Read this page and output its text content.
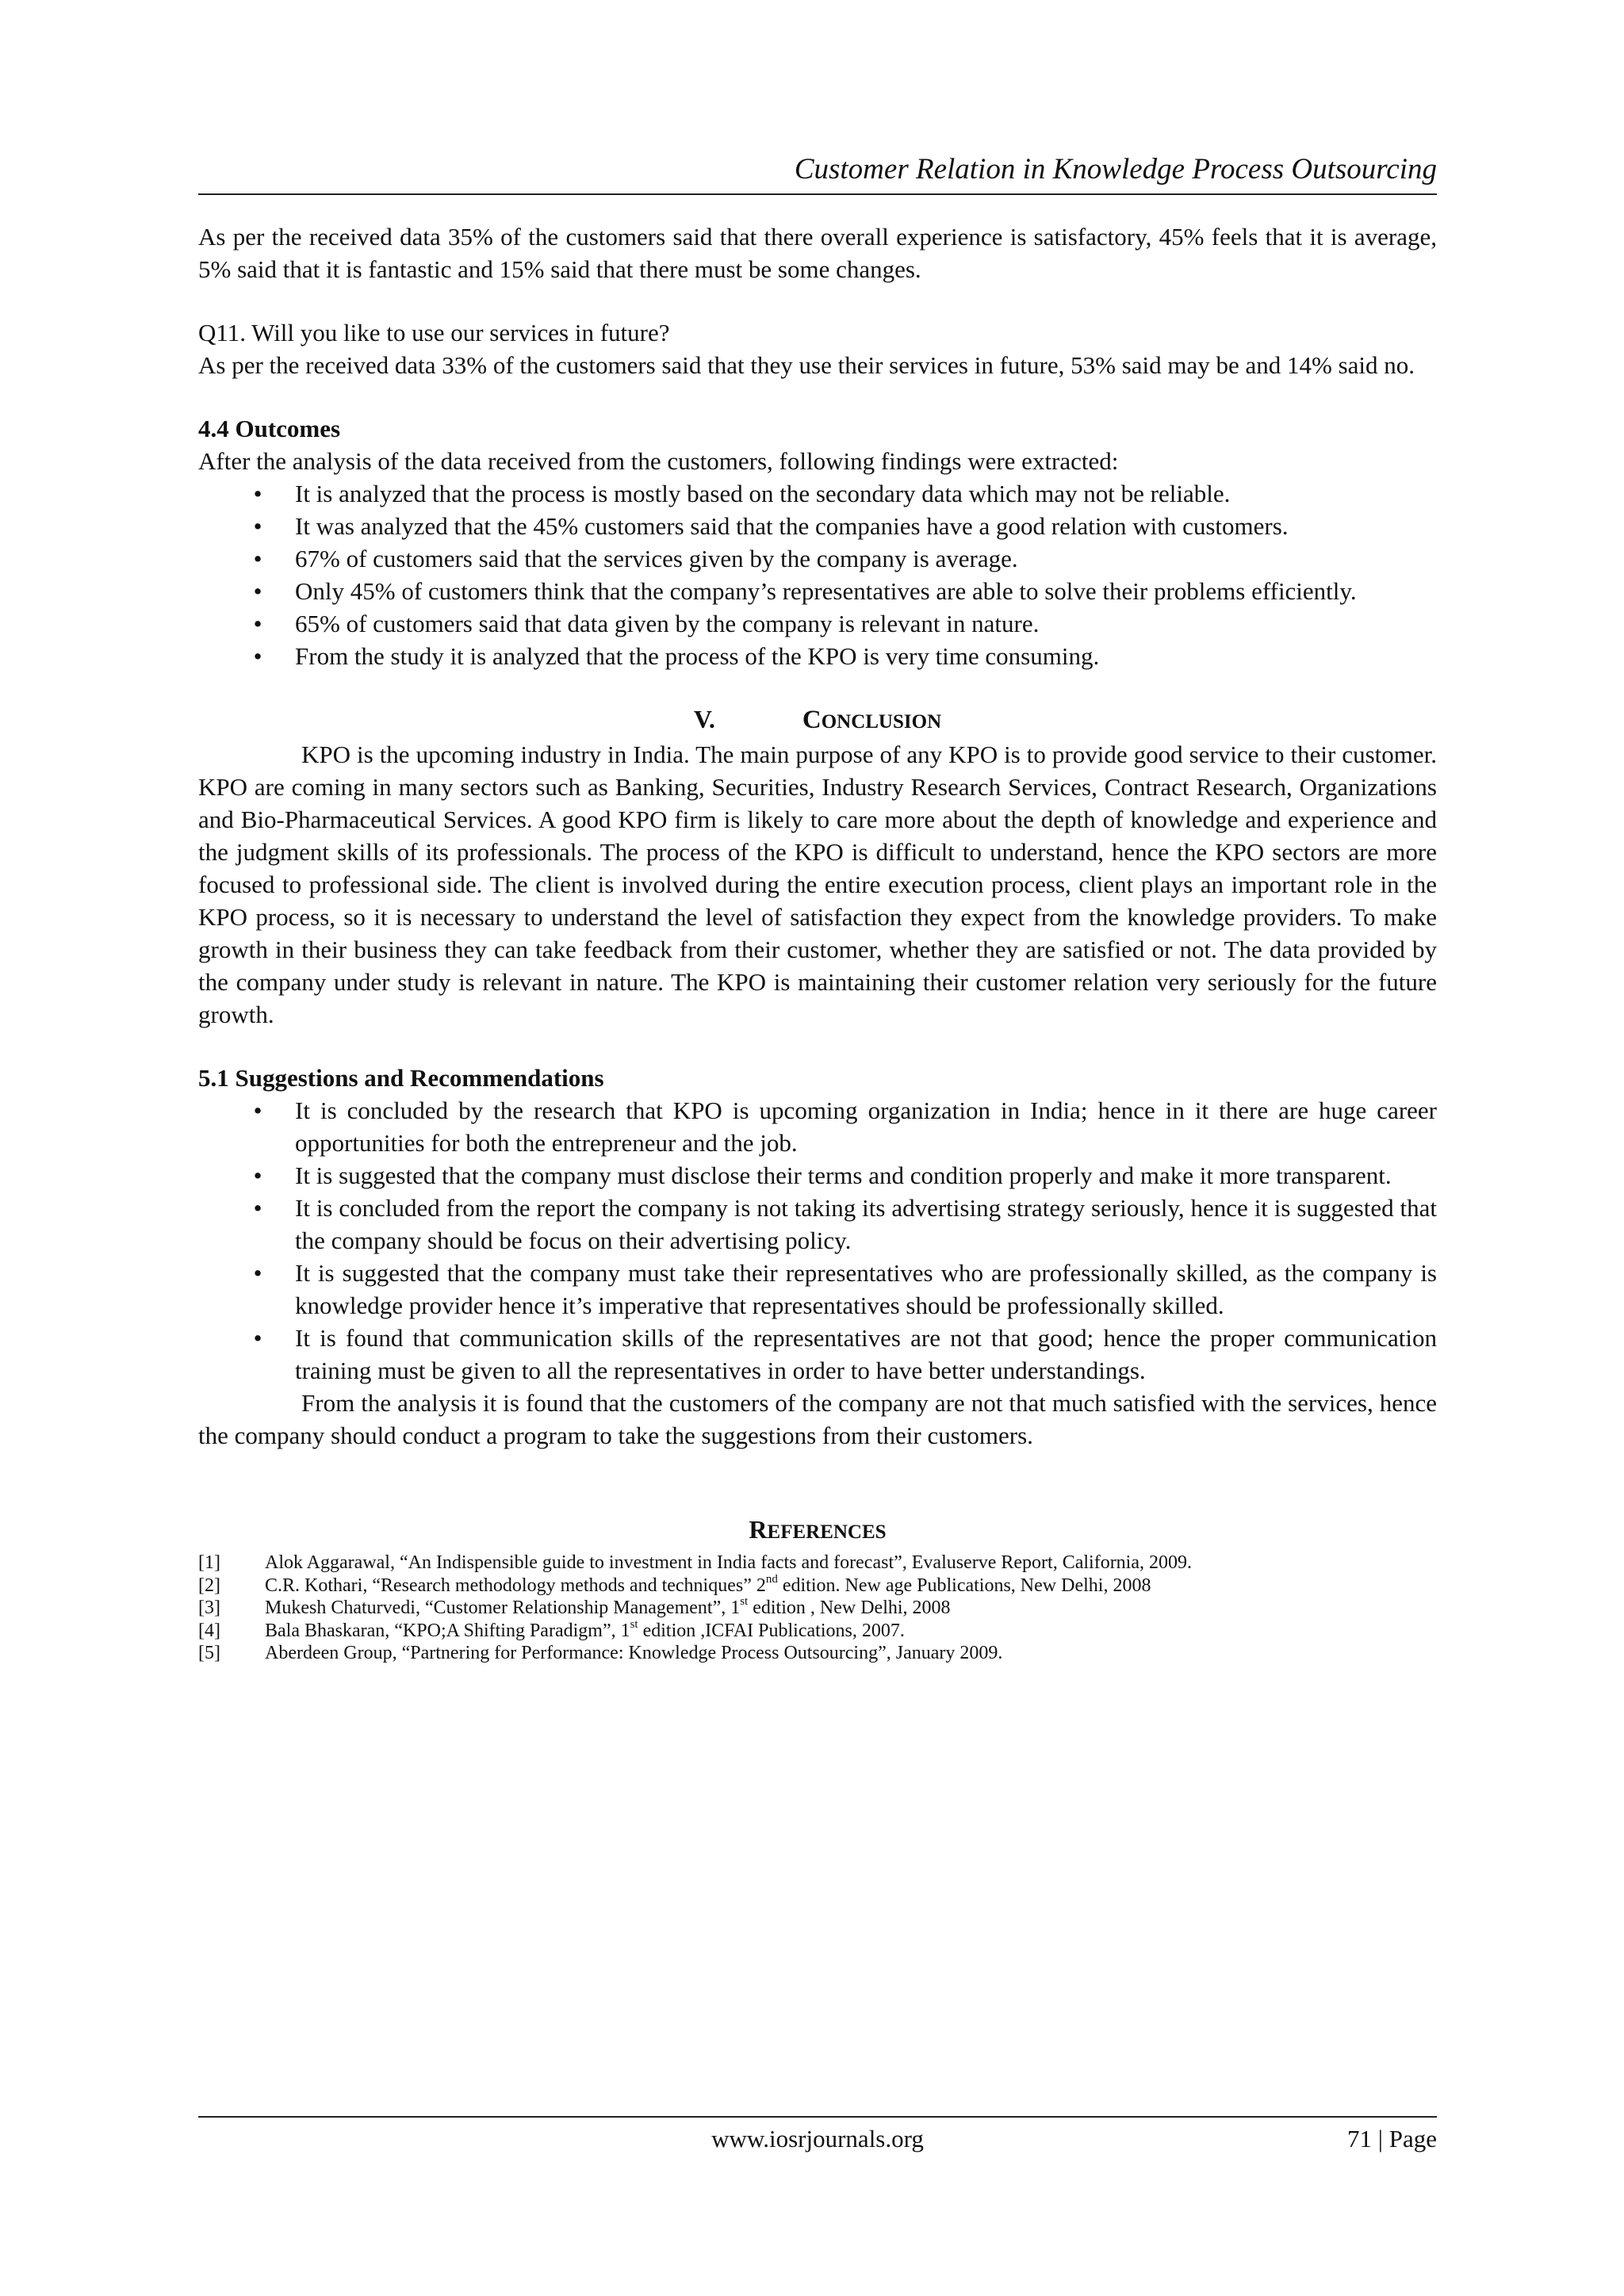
Customer Relation in Knowledge Process Outsourcing

As per the received data 35% of the customers said that there overall experience is satisfactory, 45% feels that it is average, 5% said that it is fantastic and 15% said that there must be some changes.

Q11. Will you like to use our services in future?

As per the received data 33% of the customers said that they use their services in future, 53% said may be and 14% said no.

4.4 Outcomes

After the analysis of the data received from the customers, following findings were extracted:

• It is analyzed that the process is mostly based on the secondary data which may not be reliable.
• It was analyzed that the 45% customers said that the companies have a good relation with customers.
• 67% of customers said that the services given by the company is average.
• Only 45% of customers think that the company’s representatives are able to solve their problems efficiently.
• 65% of customers said that data given by the company is relevant in nature.
• From the study it is analyzed that the process of the KPO is very time consuming.

V.	CONCLUSION

KPO is the upcoming industry in India. The main purpose of any KPO is to provide good service to their customer. KPO are coming in many sectors such as Banking, Securities, Industry Research Services, Contract Research, Organizations and Bio-Pharmaceutical Services. A good KPO firm is likely to care more about the depth of knowledge and experience and the judgment skills of its professionals. The process of the KPO is difficult to understand, hence the KPO sectors are more focused to professional side. The client is involved during the entire execution process, client plays an important role in the KPO process, so it is necessary to understand the level of satisfaction they expect from the knowledge providers. To make growth in their business they can take feedback from their customer, whether they are satisfied or not. The data provided by the company under study is relevant in nature. The KPO is maintaining their customer relation very seriously for the future growth.

5.1 Suggestions and Recommendations

• It is concluded by the research that KPO is upcoming organization in India; hence in it there are huge career opportunities for both the entrepreneur and the job.
• It is suggested that the company must disclose their terms and condition properly and make it more transparent.
• It is concluded from the report the company is not taking its advertising strategy seriously, hence it is suggested that the company should be focus on their advertising policy.
• It is suggested that the company must take their representatives who are professionally skilled, as the company is knowledge provider hence it’s imperative that representatives should be professionally skilled.
• It is found that communication skills of the representatives are not that good; hence the proper communication training must be given to all the representatives in order to have better understandings.

From the analysis it is found that the customers of the company are not that much satisfied with the services, hence the company should conduct a program to take the suggestions from their customers.

REFERENCES

[1] Alok Aggarawal, “An Indispensible guide to investment in India facts and forecast”, Evaluserve Report, California, 2009.
[2] C.R. Kothari, “Research methodology methods and techniques” 2nd edition. New age Publications, New Delhi, 2008
[3] Mukesh Chaturvedi, “Customer Relationship Management”, 1st edition , New Delhi, 2008
[4] Bala Bhaskaran, “KPO;A Shifting Paradigm”, 1st edition ,ICFAI Publications, 2007.
[5] Aberdeen Group, “Partnering for Performance: Knowledge Process Outsourcing”, January 2009.
www.iosrjournals.org	71 | Page
